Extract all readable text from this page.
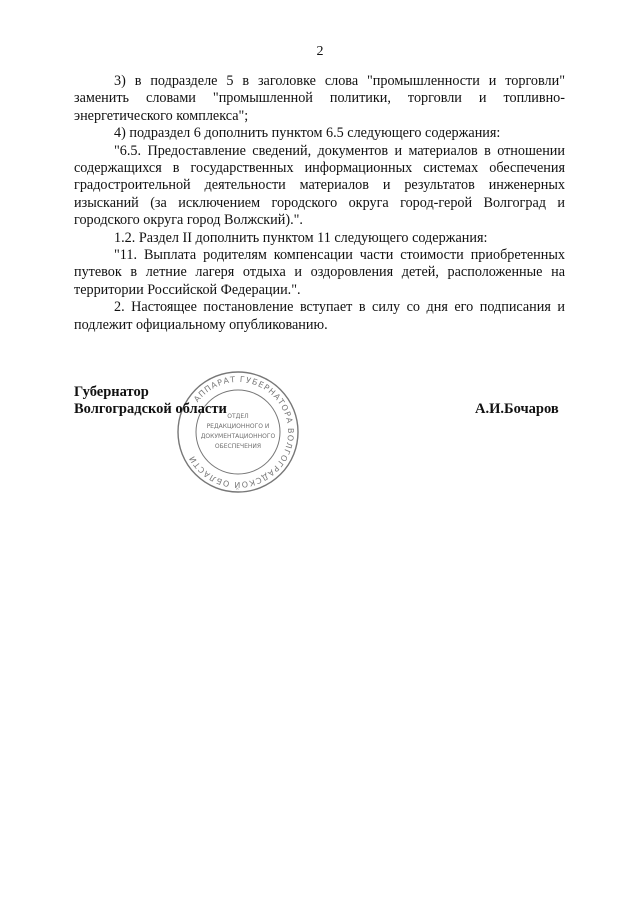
2

3) в подразделе 5 в заголовке слова "промышленности и торговли" заменить словами "промышленной политики, торговли и топливно-энергетического комплекса";

4) подраздел 6 дополнить пунктом 6.5 следующего содержания:

"6.5. Предоставление сведений, документов и материалов в отношении содержащихся в государственных информационных системах обеспечения градостроительной деятельности материалов и результатов инженерных изысканий (за исключением городского округа город-герой Волгоград и городского округа город Волжский).".

1.2. Раздел II дополнить пунктом 11 следующего содержания:

"11. Выплата родителям компенсации части стоимости приобретенных путевок в летние лагеря отдыха и оздоровления детей, расположенные на территории Российской Федерации.".

2. Настоящее постановление вступает в силу со дня его подписания и подлежит официальному опубликованию.

Губернатор
Волгоградской области	А.И.Бочаров
АППАРАТ ГУБЕРНАТОРА ВОЛГОГРАДСКОЙ ОБЛАСТИ
ОТДЕЛ
РЕДАКЦИОННОГО И
ДОКУМЕНТАЦИОННОГО
ОБЕСПЕЧЕНИЯ
